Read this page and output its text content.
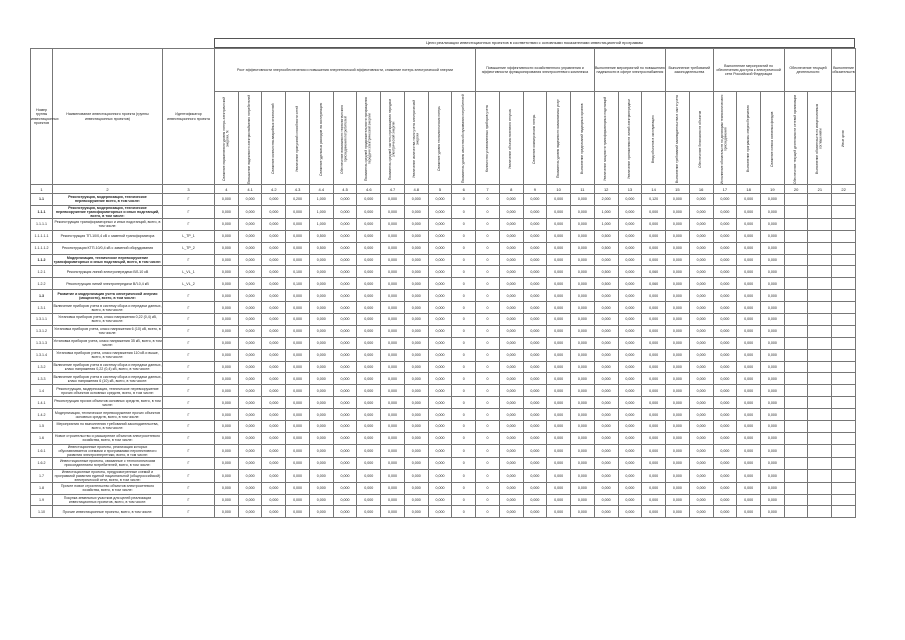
Цели реализации инвестиционных проектов в соответствии с основными показателями инвестиционной программы
Номер группы инвестиционных проектов	Наименование инвестиционного проекта (группы инвестиционных проектов)	Идентификатор инвестиционного проекта	Рост эффективности энергообеспечения и повышения энергетической эффективности, снижение потерь электрической энергии											Повышение эффективности хозяйственного управления и эффективности функционирования электросетевого комплекса					Выполнение мероприятий по повышению надежности в сфере электроснабжения			Выполнение требований законодательства		Выполнение мероприятий по обеспечению доступа к электрической сети Российской Федерации			Обеспечение текущей деятельности		Выполнение обязательств

			Снижение нормативного уровня потерь электрической энергии, %	Повышение надежности электроснабжения потребителей	Снижение количества аварийных отключений	Увеличение пропускной способности сетей	Снижение удельных расходов на эксплуатацию	Обеспечение возможности технологического присоединения потребителей	Показатель средней продолжительности прекращения передачи электрической энергии	Показатель средней частоты прекращения передачи электрической энергии	Увеличение количества точек учета электрической энергии	Снижение уровня технологических потерь	Показатель уровня качества обслуживания потребителей	Количество установленных приборов учета	Увеличение объема полезного отпуска	Снижение коммерческих потерь	Показатель уровня надежности оказываемых услуг	Выполнение предписаний надзорных органов	Увеличение мощности трансформаторных подстанций	Увеличение протяженности линий электропередачи	Ввод объектов в эксплуатацию	Выполнение требований законодательства в части учета	Обеспечение безопасности объектов	Исполнение обязательств по договорам технологического присоединения	Выполнение программы энергосбережения	Снижение износа основных фондов	Обеспечение текущей деятельности сетевой организации	Выполнение обязательств по концессионным соглашениям	Иные цели

1	2	3	4	4.1	4.2	4.3	4.4	4.5	4.6	4.7	4.8	5	6	7	8	9	10	11	12	13	14	15	16	17	18	19	20	21	22
1.1	Реконструкция, модернизация, техническое перевооружение всего, в том числе:	Г	0,000	0,000	0,000	0,200	1,000	0,000	0,000	0,000	0,000	0,000	0	0	0,000	0,000	0,000	0,000	2,000	0,000	0,120	0,000	0,000	0,000	0,000	0,000			
1.1.1	Реконструкция, модернизация, техническое перевооружение трансформаторных и иных подстанций, всего, в том числе:	Г	0,000	0,000	0,000	0,000	1,000	0,000	0,000	0,000	0,000	0,000	0	0	0,000	0,000	0,000	0,000	1,000	0,000	0,000	0,000	0,000	0,000	0,000	0,000			
1.1.1.1	Реконструкция трансформаторных и иных подстанций, всего, в том числе:	Г	0,000	0,000	0,000	0,000	1,000	0,000	0,000	0,000	0,000	0,000	0	0	0,000	0,000	0,000	0,000	1,000	0,000	0,000	0,000	0,000	0,000	0,000	0,000			
1.1.1.1.1	Реконструкция ТП-10/0,4 кВ с заменой трансформатора	L_TP_1	0,000	0,000	0,000	0,000	0,500	0,000	0,000	0,000	0,000	0,000	0	0	0,000	0,000	0,000	0,000	0,500	0,000	0,000	0,000	0,000	0,000	0,000	0,000			
1.1.1.1.2	Реконструкция КТП-10/0,4 кВ с заменой оборудования	L_TP_2	0,000	0,000	0,000	0,000	0,500	0,000	0,000	0,000	0,000	0,000	0	0	0,000	0,000	0,000	0,000	0,500	0,000	0,000	0,000	0,000	0,000	0,000	0,000			
1.1.2	Модернизация, техническое перевооружение трансформаторных и иных подстанций, всего, в том числе:	Г	0,000	0,000	0,000	0,000	0,000	0,000	0,000	0,000	0,000	0,000	0	0	0,000	0,000	0,000	0,000	0,000	0,000	0,000	0,000	0,000	0,000	0,000	0,000			
1.2.1	Реконструкция линий электропередачи ВЛ-10 кВ	L_VL_1	0,000	0,000	0,000	0,100	0,000	0,000	0,000	0,000	0,000	0,000	0	0	0,000	0,000	0,000	0,000	0,500	0,000	0,060	0,000	0,000	0,000	0,000	0,000			
1.2.2	Реконструкция линий электропередачи ВЛ-0,4 кВ	L_VL_2	0,000	0,000	0,000	0,100	0,000	0,000	0,000	0,000	0,000	0,000	0	0	0,000	0,000	0,000	0,000	0,500	0,000	0,060	0,000	0,000	0,000	0,000	0,000			
1.3	Развитие и модернизация учета электрической энергии (мощности), всего, в том числе:	Г	0,000	0,000	0,000	0,000	0,000	0,000	0,000	0,000	0,000	0,000	0	0	0,000	0,000	0,000	0,000	0,000	0,000	0,000	0,000	0,000	0,000	0,000	0,000			
1.3.1	Включение приборов учета в систему сбора и передачи данных, всего, в том числе:	Г	0,000	0,000	0,000	0,000	0,000	0,000	0,000	0,000	0,000	0,000	0	0	0,000	0,000	0,000	0,000	0,000	0,000	0,000	0,000	0,000	0,000	0,000	0,000			
1.3.1.1	Установка приборов учета, класс напряжения 0,22 (0,4) кВ, всего, в том числе:	Г	0,000	0,000	0,000	0,000	0,000	0,000	0,000	0,000	0,000	0,000	0	0	0,000	0,000	0,000	0,000	0,000	0,000	0,000	0,000	0,000	0,000	0,000	0,000			
1.3.1.2	Установка приборов учета, класс напряжения 6 (10) кВ, всего, в том числе:	Г	0,000	0,000	0,000	0,000	0,000	0,000	0,000	0,000	0,000	0,000	0	0	0,000	0,000	0,000	0,000	0,000	0,000	0,000	0,000	0,000	0,000	0,000	0,000			
1.3.1.3	Установка приборов учета, класс напряжения 35 кВ, всего, в том числе:	Г	0,000	0,000	0,000	0,000	0,000	0,000	0,000	0,000	0,000	0,000	0	0	0,000	0,000	0,000	0,000	0,000	0,000	0,000	0,000	0,000	0,000	0,000	0,000			
1.3.1.4	Установка приборов учета, класс напряжения 110 кВ и выше, всего, в том числе:	Г	0,000	0,000	0,000	0,000	0,000	0,000	0,000	0,000	0,000	0,000	0	0	0,000	0,000	0,000	0,000	0,000	0,000	0,000	0,000	0,000	0,000	0,000	0,000			
1.3.2	Включение приборов учета в систему сбора и передачи данных, класс напряжения 0,22 (0,4) кВ, всего, в том числе:	Г	0,000	0,000	0,000	0,000	0,000	0,000	0,000	0,000	0,000	0,000	0	0	0,000	0,000	0,000	0,000	0,000	0,000	0,000	0,000	0,000	0,000	0,000	0,000			
1.3.3	Включение приборов учета в систему сбора и передачи данных, класс напряжения 6 (10) кВ, всего, в том числе:	Г	0,000	0,000	0,000	0,000	0,000	0,000	0,000	0,000	0,000	0,000	0	0	0,000	0,000	0,000	0,000	0,000	0,000	0,000	0,000	0,000	0,000	0,000	0,000			
1.4	Реконструкция, модернизация, техническое перевооружение прочих объектов основных средств, всего, в том числе:	Г	0,000	0,000	0,000	0,000	0,000	0,000	0,000	0,000	0,000	0,000	0	0	0,000	0,000	0,000	0,000	0,000	0,000	0,000	0,000	0,000	0,000	0,000	0,000			
1.4.1	Реконструкция прочих объектов основных средств, всего, в том числе:	Г	0,000	0,000	0,000	0,000	0,000	0,000	0,000	0,000	0,000	0,000	0	0	0,000	0,000	0,000	0,000	0,000	0,000	0,000	0,000	0,000	0,000	0,000	0,000			
1.4.2	Модернизация, техническое перевооружение прочих объектов основных средств, всего, в том числе:	Г	0,000	0,000	0,000	0,000	0,000	0,000	0,000	0,000	0,000	0,000	0	0	0,000	0,000	0,000	0,000	0,000	0,000	0,000	0,000	0,000	0,000	0,000	0,000			
1.5	Мероприятия по выполнению требований законодательства, всего, в том числе:	Г	0,000	0,000	0,000	0,000	0,000	0,000	0,000	0,000	0,000	0,000	0	0	0,000	0,000	0,000	0,000	0,000	0,000	0,000	0,000	0,000	0,000	0,000	0,000			
1.6	Новое строительство и расширение объектов электросетевого хозяйства, всего, в том числе:	Г	0,000	0,000	0,000	0,000	0,000	0,000	0,000	0,000	0,000	0,000	0	0	0,000	0,000	0,000	0,000	0,000	0,000	0,000	0,000	0,000	0,000	0,000	0,000			
1.6.1	Инвестиционные проекты, реализация которых обуславливается схемами и программами перспективного развития электроэнергетики, всего, в том числе:	Г	0,000	0,000	0,000	0,000	0,000	0,000	0,000	0,000	0,000	0,000	0	0	0,000	0,000	0,000	0,000	0,000	0,000	0,000	0,000	0,000	0,000	0,000	0,000			
1.6.2	Инвестиционные проекты, связанные с технологическим присоединением потребителей, всего, в том числе:	Г	0,000	0,000	0,000	0,000	0,000	0,000	0,000	0,000	0,000	0,000	0	0	0,000	0,000	0,000	0,000	0,000	0,000	0,000	0,000	0,000	0,000	0,000	0,000			
1.7	Инвестиционные проекты, предусмотренные схемой и программой развития единой национальной (общероссийской) электрической сети, всего, в том числе:	Г	0,000	0,000	0,000	0,000	0,000	0,000	0,000	0,000	0,000	0,000	0	0	0,000	0,000	0,000	0,000	0,000	0,000	0,000	0,000	0,000	0,000	0,000	0,000			
1.8	Прочее новое строительство объектов электросетевого хозяйства, всего, в том числе:	Г	0,000	0,000	0,000	0,000	0,000	0,000	0,000	0,000	0,000	0,000	0	0	0,000	0,000	0,000	0,000	0,000	0,000	0,000	0,000	0,000	0,000	0,000	0,000			
1.9	Покупка земельных участков для целей реализации инвестиционных проектов, всего, в том числе:	Г	0,000	0,000	0,000	0,000	0,000	0,000	0,000	0,000	0,000	0,000	0	0	0,000	0,000	0,000	0,000	0,000	0,000	0,000	0,000	0,000	0,000	0,000	0,000			
1.10	Прочие инвестиционные проекты, всего, в том числе:	Г	0,000	0,000	0,000	0,000	0,000	0,000	0,000	0,000	0,000	0,000	0	0	0,000	0,000	0,000	0,000	0,000	0,000	0,000	0,000	0,000	0,000	0,000	0,000			
